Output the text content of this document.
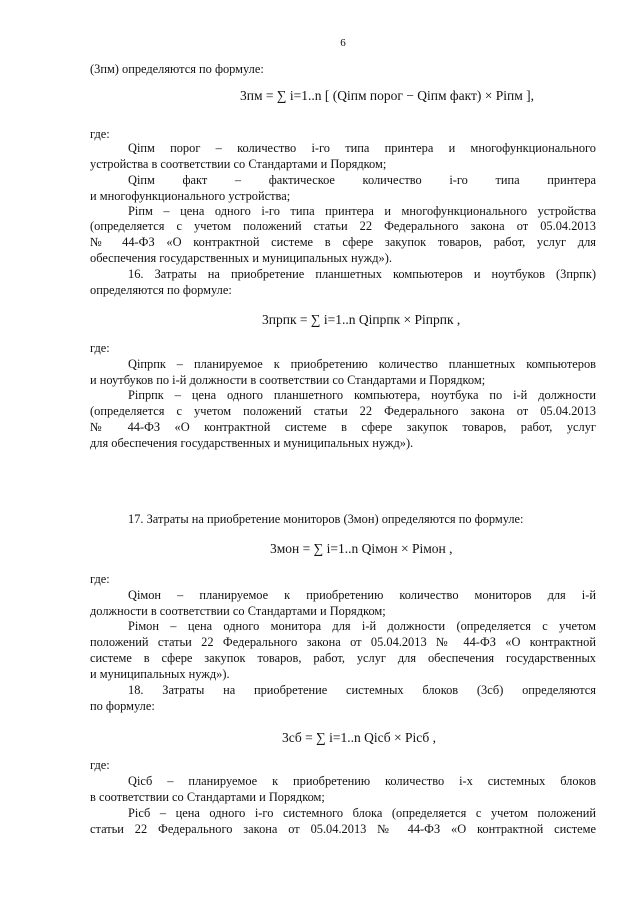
6
(3пм) определяются по формуле:
3пм = ∑ i=1..n [ (Qiпм порог − Qiпм факт) × Piпм ],
где:
Qiпм порог – количество i-го типа принтера и многофункционального
устройства в соответствии со Стандартами и Порядком;
Qiпм факт – фактическое количество i-го типа принтера
и многофункционального устройства;
Piпм – цена одного i-го типа принтера и многофункционального устройства
(определяется с учетом положений статьи 22 Федерального закона от 05.04.2013
№ 44-ФЗ «О контрактной системе в сфере закупок товаров, работ, услуг для
обеспечения государственных и муниципальных нужд»).
16. Затраты на приобретение планшетных компьютеров и ноутбуков (3прпк)
определяются по формуле:
3прпк = ∑ i=1..n Qiпрпк × Piпрпк ,
где:
Qiпрпк – планируемое к приобретению количество планшетных компьютеров
и ноутбуков по i-й должности в соответствии со Стандартами и Порядком;
Piпрпк – цена одного планшетного компьютера, ноутбука по i-й должности
(определяется с учетом положений статьи 22 Федерального закона от 05.04.2013
№ 44-ФЗ «О контрактной системе в сфере закупок товаров, работ, услуг
для обеспечения государственных и муниципальных нужд»).
17. Затраты на приобретение мониторов (3мон) определяются по формуле:
3мон = ∑ i=1..n Qiмон × Piмон ,
где:
Qiмон – планируемое к приобретению количество мониторов для i-й
должности в соответствии со Стандартами и Порядком;
Piмон – цена одного монитора для i-й должности (определяется с учетом
положений статьи 22 Федерального закона от 05.04.2013 № 44-ФЗ «О контрактной
системе в сфере закупок товаров, работ, услуг для обеспечения государственных
и муниципальных нужд»).
18. Затраты на приобретение системных блоков (3сб) определяются
по формуле:
3сб = ∑ i=1..n Qiсб × Piсб ,
где:
Qiсб – планируемое к приобретению количество i-х системных блоков
в соответствии со Стандартами и Порядком;
Piсб – цена одного i-го системного блока (определяется с учетом положений
статьи 22 Федерального закона от 05.04.2013 № 44-ФЗ «О контрактной системе
